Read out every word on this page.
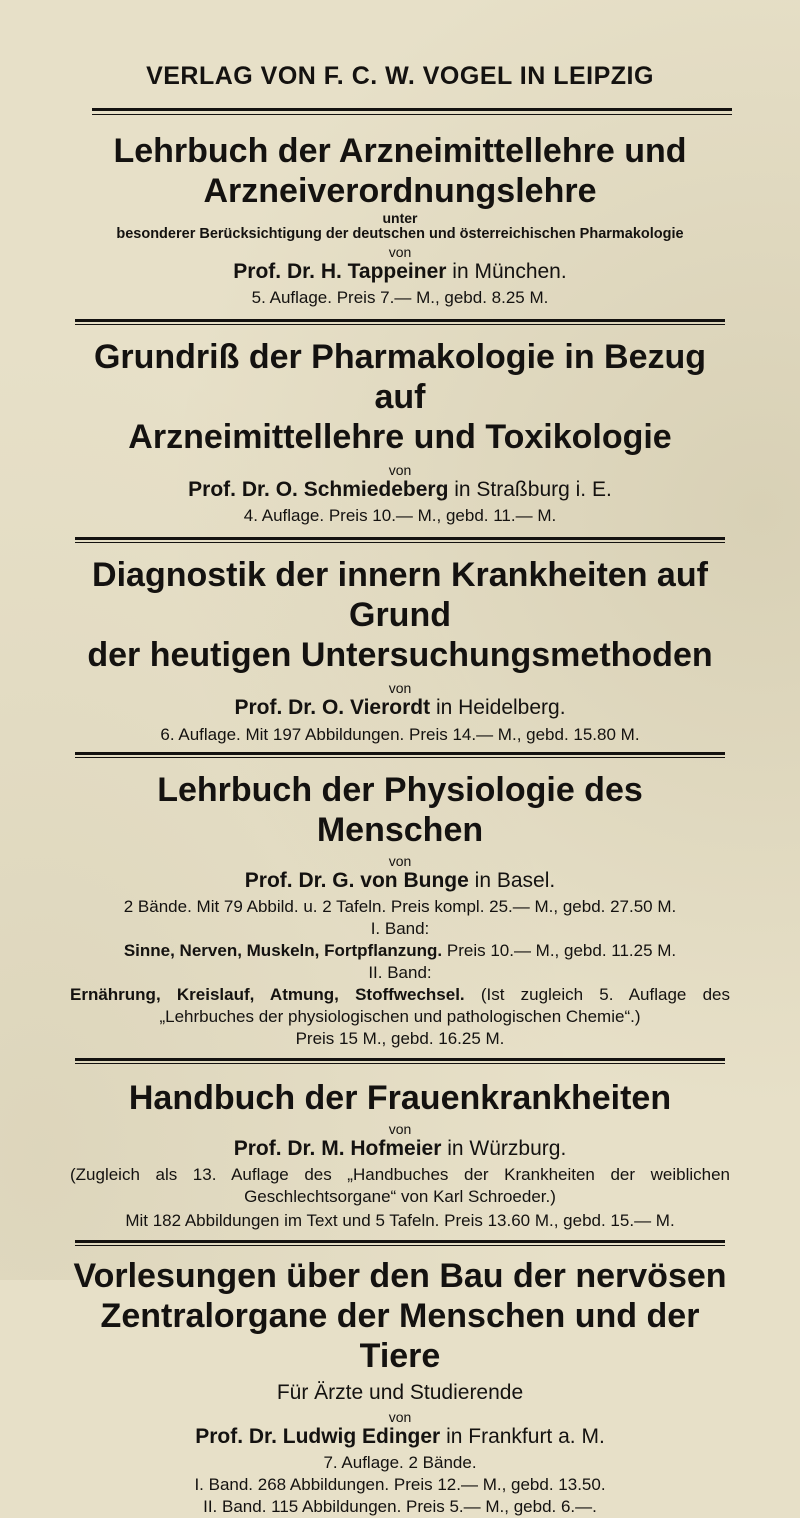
VERLAG VON F. C. W. VOGEL IN LEIPZIG
Lehrbuch der Arzneimittellehre und
Arzneiverordnungslehre
unter
besonderer Berücksichtigung der deutschen und österreichischen Pharmakologie
von
Prof. Dr. H. Tappeiner in München.
5. Auflage. Preis 7.— M., gebd. 8.25 M.
Grundriß der Pharmakologie in Bezug auf
Arzneimittellehre und Toxikologie
von
Prof. Dr. O. Schmiedeberg in Straßburg i. E.
4. Auflage. Preis 10.— M., gebd. 11.— M.
Diagnostik der innern Krankheiten auf Grund
der heutigen Untersuchungsmethoden
von
Prof. Dr. O. Vierordt in Heidelberg.
6. Auflage. Mit 197 Abbildungen. Preis 14.— M., gebd. 15.80 M.
Lehrbuch der Physiologie des Menschen
von
Prof. Dr. G. von Bunge in Basel.
2 Bände. Mit 79 Abbild. u. 2 Tafeln. Preis kompl. 25.— M., gebd. 27.50 M.
I. Band:
Sinne, Nerven, Muskeln, Fortpflanzung. Preis 10.— M., gebd. 11.25 M.
II. Band:
Ernährung, Kreislauf, Atmung, Stoffwechsel. (Ist zugleich 5. Auflage des „Lehrbuches der physiologischen und pathologischen Chemie“.)
Preis 15 M., gebd. 16.25 M.
Handbuch der Frauenkrankheiten
von
Prof. Dr. M. Hofmeier in Würzburg.
(Zugleich als 13. Auflage des „Handbuches der Krankheiten der weiblichen Geschlechtsorgane“ von Karl Schroeder.)
Mit 182 Abbildungen im Text und 5 Tafeln. Preis 13.60 M., gebd. 15.— M.
Vorlesungen über den Bau der nervösen
Zentralorgane der Menschen und der Tiere
Für Ärzte und Studierende
von
Prof. Dr. Ludwig Edinger in Frankfurt a. M.
7. Auflage. 2 Bände.
I. Band. 268 Abbildungen. Preis 12.— M., gebd. 13.50.
II. Band. 115 Abbildungen. Preis 5.— M., gebd. 6.—.
